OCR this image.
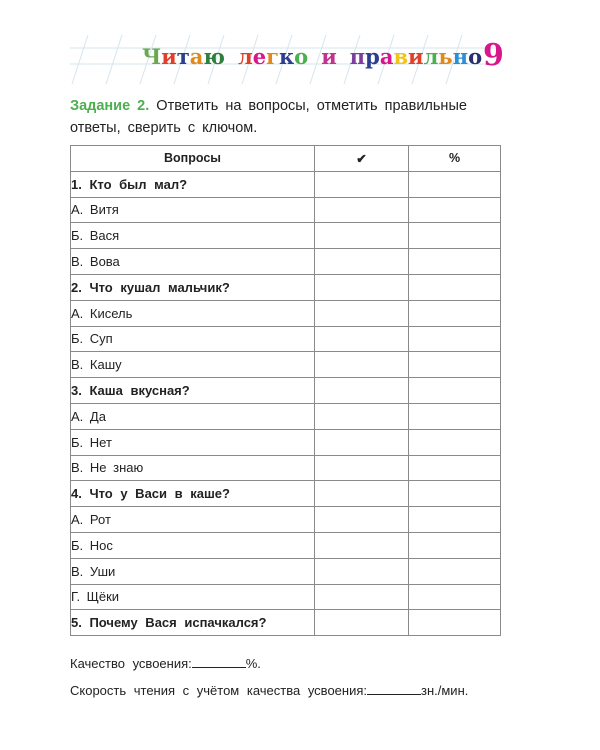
Читаю легко и правильно 9
Задание 2. Ответить на вопросы, отметить правильные ответы, сверить с ключом.
Вопросы	✔	%
1. Кто был мал?		
А. Витя		
Б. Вася		
В. Вова		
2. Что кушал мальчик?		
А. Кисель		
Б. Суп		
В. Кашу		
3. Каша вкусная?		
А. Да		
Б. Нет		
В. Не знаю		
4. Что у Васи в каше?		
А. Рот		
Б. Нос		
В. Уши		
Г. Щёки		
5. Почему Вася испачкался?		
Качество усвоения:	%.
Скорость чтения с учётом качества усвоения:	зн./мин.
